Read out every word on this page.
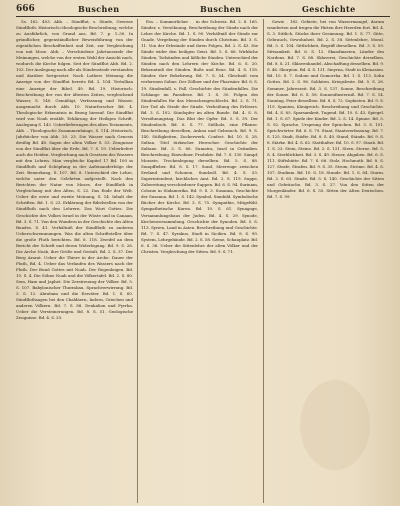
666	Buschen	Buschen	Geschichte

Ss. 162. 403. Abb. – Sündflut, s. Sünde, Gewisse Sündfluth: Historisch=theologische Beschreibung, welche zu Ausführlich, von Grund aus, Bd. 7. p. 1–50. In gründlicher, gegenständlicher Beweisführung von der eigentlichen Beschaffenheit und Zeit, zur Vergleichung von mit Mose. Abb. – Verschiedene Jahrtausende der Meinungen, welche von der ersten Wahl der Ansicht nach, wodurch die Kirche folgen. Seit der Sündflut Abb. Bd. 2. 103. Der Auslegung nach alle als Sündenstrafe verstanden und darüber fortgesetzt. Nach Luthers Meinung die Anzeige von der Sündflut bereits Bd. 3. 104. Tertullian eine Anzeige der Bibel. 49. Bd. 19. Historisch: Beschreibung der von der ältesten Zeiten, vergleichend Wasser, S. 140. Gemäßigt, Verfassung und Wasser, ausgemacht durch Abh. 10. Naturforscher Bd. 4. Theologische Erkenntnis in Bezug hierauf. Die Sündflut wird von Noah erzählt, Erklärung der Heiligen Schrift, Auslegung S. 143. Ueberlieferungen des alten Testaments, Abb. – Theologische Zusammenhänge, S. 114. Historisch, Jahrbücher von Abb. 20. 23. Die Wasser nach Genesis dreißig Bd. 48. Sagen der alten Völker S. 53. Zeugnisse von der Sündflut über die Erde, Bd. 7. S. 19. Ueberliefert auch die Heiden. Vergleichung nach Gesetzen des Wassers mit den Lehren. Man vergleiche Kapitel 17 Bd. 100 in Sündfluth und Schöpfung in der Aufeinanderfolge der Zeit. Bemerkung, S. 107. Bd. 8. Unterschied der Lehre, welche unter den Gelehrten aufgestellt. Nach den Berichten der Natur von Moses, der Sündfluth in Vergleichung mit den Alten, S. 22. Das Ende der Welt. Ueber die erste und zweite Meinung, S. 14. Inhalt der Schriften. Bd. 1. S. 23. Erklärung der Bibelstellen von der Sündfluth nach den Lehrern. Das Wort Gottes. Die Geschichte des Volkes Israel in der Wüste und in Canaan, Bd. 3. S. 71. Von den Wundern in der Geschichte des Alten Bundes. S. 41. Verhältniß der Sündfluth zu anderen Ueberschwemmungen. Was die alten Schriftsteller über die große Fluth berichten. Bd. 6. 118. Zweifel an dem Bericht der Schrift und deren Widerlegung. Bd. 9. S. 26. Die Arche Noah, ihre Größe und Gestalt, Bd. 2. S. 37. Der Berg Ararat. Ueber die Thiere in der Arche. Dauer der Fluth, Bd. 4. Ueber das Verlaufen des Wassers nach der Fluth. Der Bund Gottes mit Noah. Der Regenbogen. Bd. 10. S. 4. Die Söhne Noah und die Völkertafel. Bd. 2. S. 80. Sem, Ham und Japhet. Die Zerstreuung der Völker. Bd. 5. S. 107. Babylonischer Thurmbau. Sprachverwirrung. Bd. 3. S. 12. Abraham und die Erzväter. Bd. 1. S. 60. Sündfluthsagen bei den Chaldäern, Indern, Griechen und anderen Völkern. Bd. 7. S. 88. Deukalion und Pyrrha. Ueber die Versteinerungen. Bd. 8. S. 51. Geologische Zeugnisse. Bd. 4. S. 33.

Ess. – Sommerlicher . . in der Schweiz. Bd. 2. 8. 165. Sünder, s. Versöhnung. Beschreibung der Sünde nach der Lehre der Kirche. Bd. 1. S. 90. Verhältniß der Sünde zur Gnade. Vergebung der Sünden durch Christum. Bd. 3. S. 11. Von der Erbsünde und ihren Folgen, Bd. 2. S. 43. Die Sünde wider den heiligen Geist. Bd. 5. S. 66. Wirkliche Sünden, Todsünden und läßliche Sünden. Unterschied der Sünden nach den Lehrern der Kirche. Bd. 6. S. 20. Bekenntniß der Sünden. Buße und Reue. Bd. 4. S. 118. Sünder, ihre Bekehrung. Bd. 7. S. 54. Gleichniß vom verlorenen Sohne. Der Zöllner und der Pharisäer. Bd. 8. S. 19. Sündenfall, s. Fall. Geschichte des Sündenfalles. Die Schlange im Paradiese. Bd. 1. S. 30. Folgen des Sündenfalles für das Menschengeschlecht. Bd. 2. S. 71. Der Tod als Strafe der Sünde. Verheißung des Erlösers. Bd. 3. S. 102. Sündopfer im alten Bunde. Bd. 4. S. 8. Versöhnungstag. Das Blut der Opfer. Bd. 5. S. 39. Der Sündenbock. Bd. 6. S. 77. Süßholz, eine Pflanze. Beschreibung derselben, Anbau und Gebrauch. Bd. 9. S. 140. Süßigkeiten, Zuckerwerk, Confect. Bd. 10. S. 28. Sultan, Titel türkischer Herrscher. Geschichte der Sultane. Bd. 3. S. 66. Sumatra, Insel in Ostindien. Beschreibung, Einwohner, Produkte. Bd. 7. S. 130. Sumpf, Moraste, Trockenlegung derselben. Bd. 5. S. 88. Sumpffieber. Bd. 8. S. 17. Sund, Meerenge zwischen Seeland und Schonen. Sundzoll. Bd. 4. S. 53. Superintendent, kirchliches Amt. Bd. 2. S. 119. Suppe, Zubereitung verschiedener Suppen. Bd. 6. S. 94. Surinam, Colonie in Südamerika. Bd. 9. S. 3. Susanna, Geschichte der Susanna. Bd. 1. S. 142. Symbol, Sinnbild. Symbolische Bücher der Kirche. Bd. 3. S. 75. Sympathie, Mitgefühl. Sympathetische Kuren. Bd. 10. S. 61. Synagoge, Versammlungshaus der Juden. Bd. 4. S. 29. Synode, Kirchenversammlung. Geschichte der Synoden. Bd. 5. S. 113. Syrien, Land in Asien. Beschreibung und Geschichte. Bd. 7. S. 47. Syrakus, Stadt in Sicilien. Bd. 8. S. 99. System, Lehrgebäude. Bd. 2. S. 58. Szene, Schauplatz. Bd. 6. S. 36. Ueber die Sittenlehre der alten Völker und der Christen. Vergleichung der Sitten. Bd. 9. S. 71.

Sowie . 182. Gebiete, bei von Wassermangel, darum wanderten und trugen die Hirten ihre Heerden fort. Bd. 4. S. 3. Sittlich, Stücke ihrer Gesinnung. Bd. 1. S. 77. Sitte, Gebrauch, Gewohnheit. Bd. 2. S. 38. Sittenlehre, Moral. Bd. 5. S. 104. Sittlichkeit, Begriff derselben. Bd. 3. S. 59. Sittsamkeit. Bd. 6. S. 12. Skandinavien, Länder des Nordens. Bd. 7. S. 88. Sklaverei, Geschichte derselben. Bd. 8. S. 21. Sklavenhandel, Abschaffung desselben. Bd. 9. S. 46. Skorpion. Bd. 4. S. 131. Smyrna, Stadt in Kleinasien. Bd. 10. S. 7. Sodom und Gomorrha. Bd. 1. S. 113. Sohn Gottes. Bd. 2. S. 96. Soldaten, Kriegsleute. Bd. 5. S. 26. Sommer, Jahreszeit. Bd. 3. S. 137. Sonne, Beschreibung der Sonne. Bd. 6. S. 58. Sonnenfinsterniß. Bd. 7. S. 14. Sonntag, Feier desselben. Bd. 8. S. 72. Sophisten. Bd. 9. S. 119. Spanien, Königreich. Beschreibung und Geschichte. Bd. 4. S. 85. Sparsamkeit, Tugend. Bd. 10. S. 43. Spiegel. Bd. 1. S. 67. Spiele der Kinder. Bd. 2. S. 14. Spinne. Bd. 5. S. 92. Sprache, Ursprung der Sprachen. Bd. 3. S. 101. Sprichwörter. Bd. 6. S. 79. Staat, Staatsverfassung. Bd. 7. S. 125. Stadt, Städte. Bd. 8. S. 40. Stand, Stände. Bd. 9. S. 8. Stärke. Bd. 4. S. 62. Statthalter. Bd. 10. S. 97. Staub. Bd. 1. S. 23. Stein, Steine. Bd. 2. S. 131. Stern, Sterne. Bd. 5. S. 4. Sterblichkeit. Bd. 3. S. 49. Steuer, Abgaben. Bd. 6. S. 111. Stiftshütte. Bd. 7. S. 66. Stolz, Hochmuth. Bd. 8. S. 127. Strafe, Strafen. Bd. 9. S. 35. Strom, Ströme. Bd. 4. S. 107. Studium. Bd. 10. S. 18. Stunde. Bd. 1. S. 84. Sturm. Bd. 2. S. 63. Sünde. Bd. 5. S. 140. Geschichte der Sitten und Gebräuche. Bd. 3. S. 27. Von den Sitten der Morgenländer. Bd. 6. S. 55. Sitten der Alten Deutschen. Bd. 7. S. 99.
